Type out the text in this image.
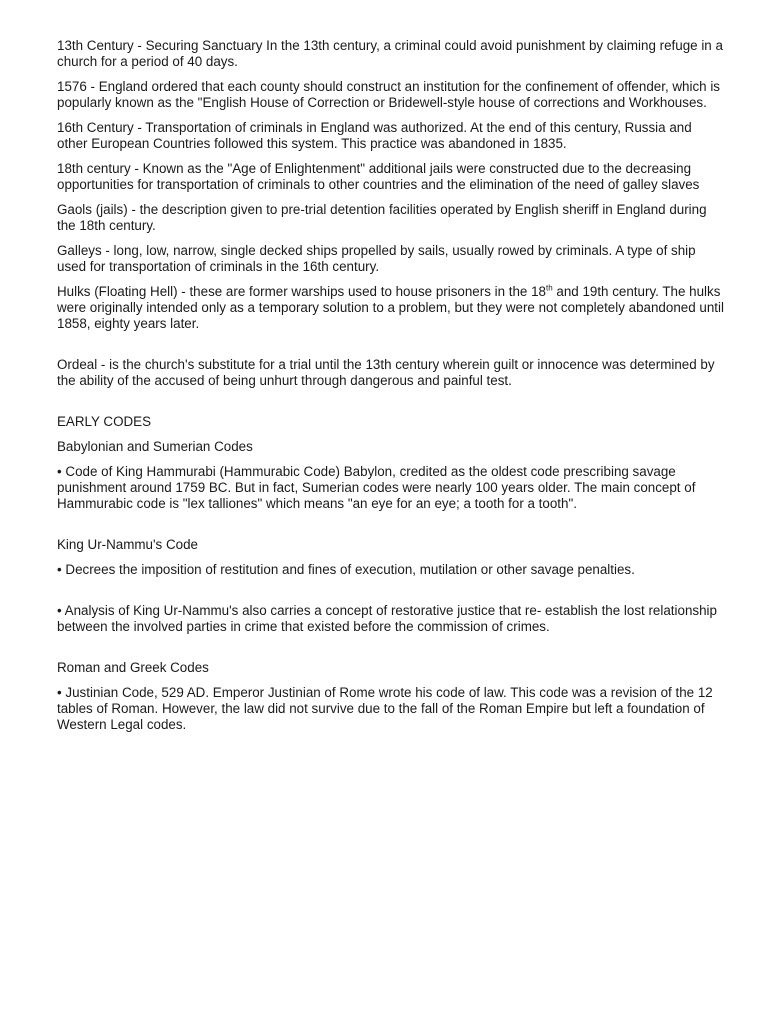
13th Century - Securing Sanctuary In the 13th century, a criminal could avoid punishment by claiming refuge in a church for a period of 40 days.

1576 - England ordered that each county should construct an institution for the confinement of offender, which is popularly known as the "English House of Correction or Bridewell-style house of corrections and Workhouses.

16th Century - Transportation of criminals in England was authorized. At the end of this century, Russia and other European Countries followed this system. This practice was abandoned in 1835.

18th century - Known as the "Age of Enlightenment" additional jails were constructed due to the decreasing opportunities for transportation of criminals to other countries and the elimination of the need of galley slaves

Gaols (jails) - the description given to pre-trial detention facilities operated by English sheriff in England during the 18th century.

Galleys - long, low, narrow, single decked ships propelled by sails, usually rowed by criminals. A type of ship used for transportation of criminals in the 16th century.

Hulks (Floating Hell) - these are former warships used to house prisoners in the 18th and 19th century. The hulks were originally intended only as a temporary solution to a problem, but they were not completely abandoned until 1858, eighty years later.

Ordeal - is the church's substitute for a trial until the 13th century wherein guilt or innocence was determined by the ability of the accused of being unhurt through dangerous and painful test.

EARLY CODES

Babylonian and Sumerian Codes

• Code of King Hammurabi (Hammurabic Code) Babylon, credited as the oldest code prescribing savage punishment around 1759 BC. But in fact, Sumerian codes were nearly 100 years older. The main concept of Hammurabic code is "lex talliones" which means "an eye for an eye; a tooth for a tooth".

King Ur-Nammu's Code

• Decrees the imposition of restitution and fines of execution, mutilation or other savage penalties.

• Analysis of King Ur-Nammu's also carries a concept of restorative justice that re- establish the lost relationship between the involved parties in crime that existed before the commission of crimes.

Roman and Greek Codes

• Justinian Code, 529 AD. Emperor Justinian of Rome wrote his code of law. This code was a revision of the 12 tables of Roman. However, the law did not survive due to the fall of the Roman Empire but left a foundation of Western Legal codes.
